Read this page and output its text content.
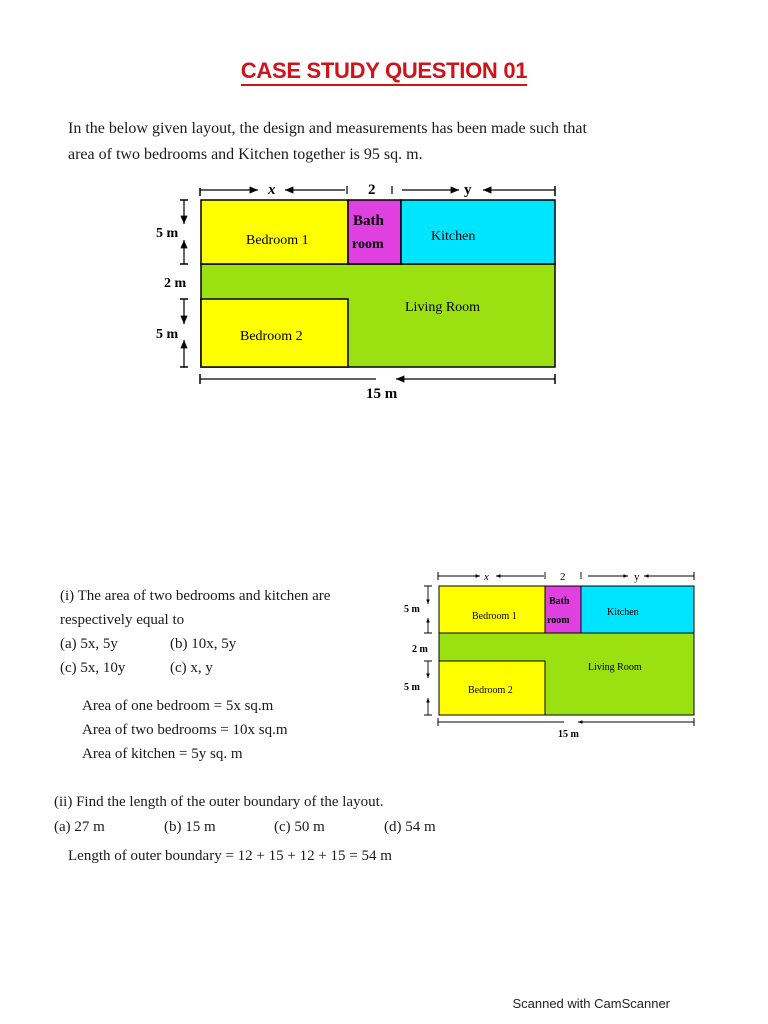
CASE STUDY QUESTION 01
In the below given layout, the design and measurements has been made such that
area of two bedrooms and Kitchen together is 95 sq. m.
x	2	y
Bedroom 1
Bath
room
Kitchen
Living Room
Bedroom 2
5 m
2 m
5 m
15 m
(i) The area of two bedrooms and kitchen are
respectively equal to
(a) 5x, 5y	(b) 10x, 5y
(c) 5x, 10y	(c) x, y
Area of one bedroom = 5x sq.m
Area of two bedrooms = 10x sq.m
Area of kitchen = 5y sq. m
x	2	y
Bedroom 1
Bath
room
Kitchen
Living Room
Bedroom 2
5 m
2 m
5 m
15 m
(ii) Find the length of the outer boundary of the layout.
(a) 27 m	(b) 15 m	(c) 50 m	(d) 54 m
Length of outer boundary = 12 + 15 + 12 + 15 = 54 m
Scanned with CamScanner
